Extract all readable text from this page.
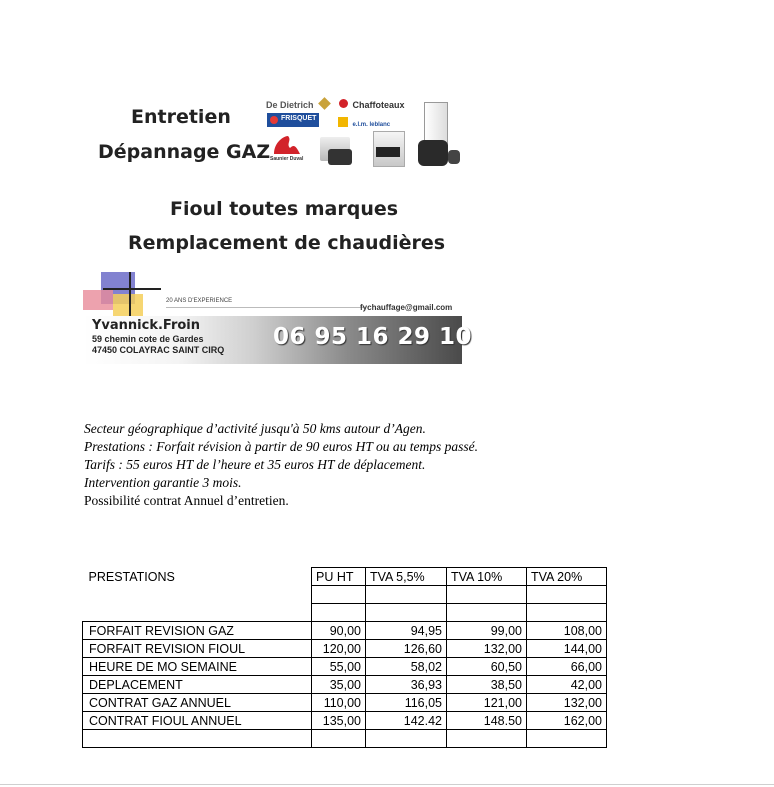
Entretien
Dépannage GAZ
De Dietrich	Chaffoteaux
FRISQUET
e.l.m. leblanc
Saunier Duval
Fioul toutes marques
Remplacement de chaudières
20 ANS D'EXPERIENCE
fychauffage@gmail.com
Yvannick.Froin
59 chemin cote de Gardes
47450 COLAYRAC SAINT CIRQ 06 95 16 29 10

Secteur géographique d’activité jusqu'à 50 kms autour d’Agen.

Prestations : Forfait révision à partir de 90 euros HT ou au temps passé.

Tarifs : 55 euros HT de l’heure et 35 euros HT de déplacement.

Intervention garantie 3 mois.

Possibilité contrat Annuel d’entretien.

PRESTATIONS	PU HT	TVA 5,5%	TVA 10%	TVA 20%

FORFAIT REVISION GAZ	90,00	94,95	99,00	108,00
FORFAIT REVISION FIOUL	120,00	126,60	132,00	144,00
HEURE DE MO SEMAINE	55,00	58,02	60,50	66,00
DEPLACEMENT	35,00	36,93	38,50	42,00
CONTRAT GAZ ANNUEL	110,00	116,05	121,00	132,00
CONTRAT FIOUL ANNUEL	135,00	142.42	148.50	162,00
